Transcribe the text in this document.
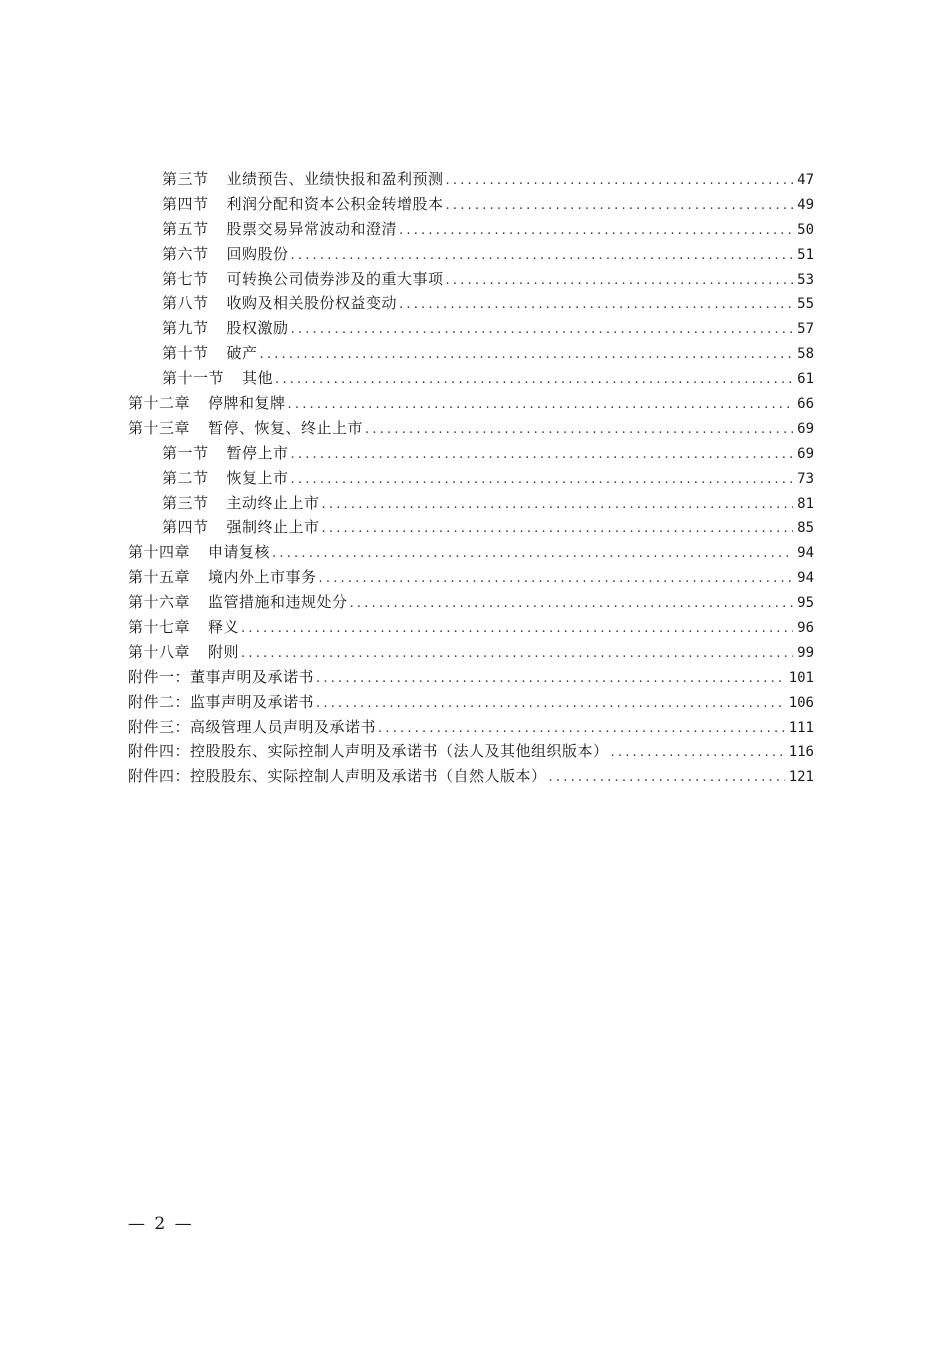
第三节 业绩预告、业绩快报和盈利预测 .....	47
第四节 利润分配和资本公积金转增股本 .....	49
第五节 股票交易异常波动和澄清 .....	50
第六节 回购股份 .....	51
第七节 可转换公司债券涉及的重大事项 .....	53
第八节 收购及相关股份权益变动 .....	55
第九节 股权激励 .....	57
第十节 破产 .....	58
第十一节 其他 .....	61
第十二章 停牌和复牌 .....	66
第十三章 暂停、恢复、终止上市 .....	69
第一节 暂停上市 .....	69
第二节 恢复上市 .....	73
第三节 主动终止上市 .....	81
第四节 强制终止上市 .....	85
第十四章 申请复核 .....	94
第十五章 境内外上市事务 .....	94
第十六章 监管措施和违规处分 .....	95
第十七章 释义 .....	96
第十八章 附则 .....	99
附件一：董事声明及承诺书 .....	101
附件二：监事声明及承诺书 .....	106
附件三：高级管理人员声明及承诺书 .....	111
附件四：控股股东、实际控制人声明及承诺书（法人及其他组织版本） .....	116
附件四：控股股东、实际控制人声明及承诺书（自然人版本） .....	121
— 2 —
